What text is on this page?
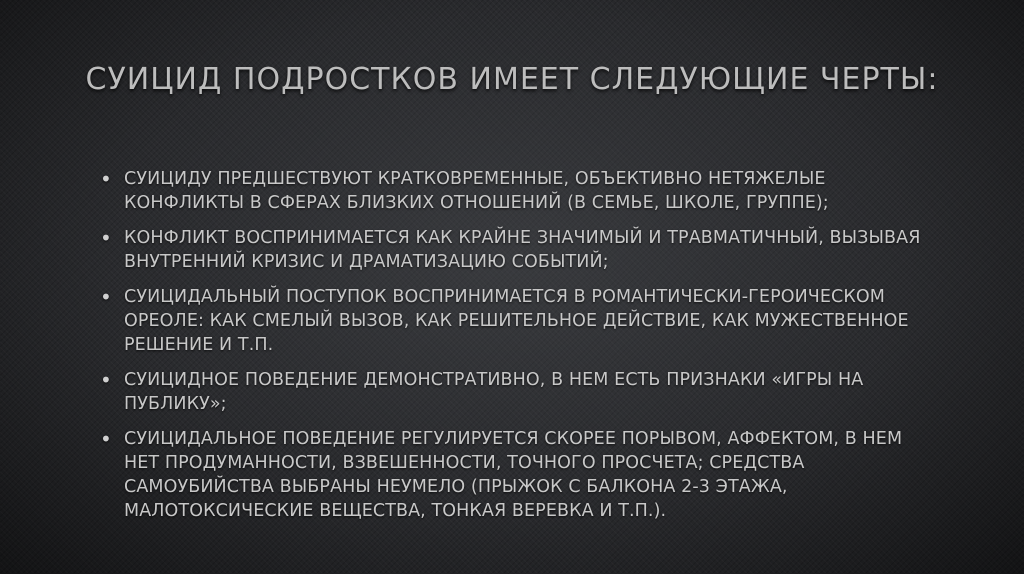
СУИЦИД ПОДРОСТКОВ ИМЕЕТ СЛЕДУЮЩИЕ ЧЕРТЫ:
• СУИЦИДУ ПРЕДШЕСТВУЮТ КРАТКОВРЕМЕННЫЕ, ОБЪЕКТИВНО НЕТЯЖЕЛЫЕ КОНФЛИКТЫ В СФЕРАХ БЛИЗКИХ ОТНОШЕНИЙ (В СЕМЬЕ, ШКОЛЕ, ГРУППЕ);
• КОНФЛИКТ ВОСПРИНИМАЕТСЯ КАК КРАЙНЕ ЗНАЧИМЫЙ И ТРАВМАТИЧНЫЙ, ВЫЗЫВАЯ ВНУТРЕННИЙ КРИЗИС И ДРАМАТИЗАЦИЮ СОБЫТИЙ;
• СУИЦИДАЛЬНЫЙ ПОСТУПОК ВОСПРИНИМАЕТСЯ В РОМАНТИЧЕСКИ-ГЕРОИЧЕСКОМ ОРЕОЛЕ: КАК СМЕЛЫЙ ВЫЗОВ, КАК РЕШИТЕЛЬНОЕ ДЕЙСТВИЕ, КАК МУЖЕСТВЕННОЕ РЕШЕНИЕ И Т.П.
• СУИЦИДНОЕ ПОВЕДЕНИЕ ДЕМОНСТРАТИВНО, В НЕМ ЕСТЬ ПРИЗНАКИ «ИГРЫ НА ПУБЛИКУ»;
• СУИЦИДАЛЬНОЕ ПОВЕДЕНИЕ РЕГУЛИРУЕТСЯ СКОРЕЕ ПОРЫВОМ, АФФЕКТОМ, В НЕМ НЕТ ПРОДУМАННОСТИ, ВЗВЕШЕННОСТИ, ТОЧНОГО ПРОСЧЕТА; СРЕДСТВА САМОУБИЙСТВА ВЫБРАНЫ НЕУМЕЛО (ПРЫЖОК С БАЛКОНА 2-3 ЭТАЖА, МАЛОТОКСИЧЕСКИЕ ВЕЩЕСТВА, ТОНКАЯ ВЕРЕВКА И Т.П.).
